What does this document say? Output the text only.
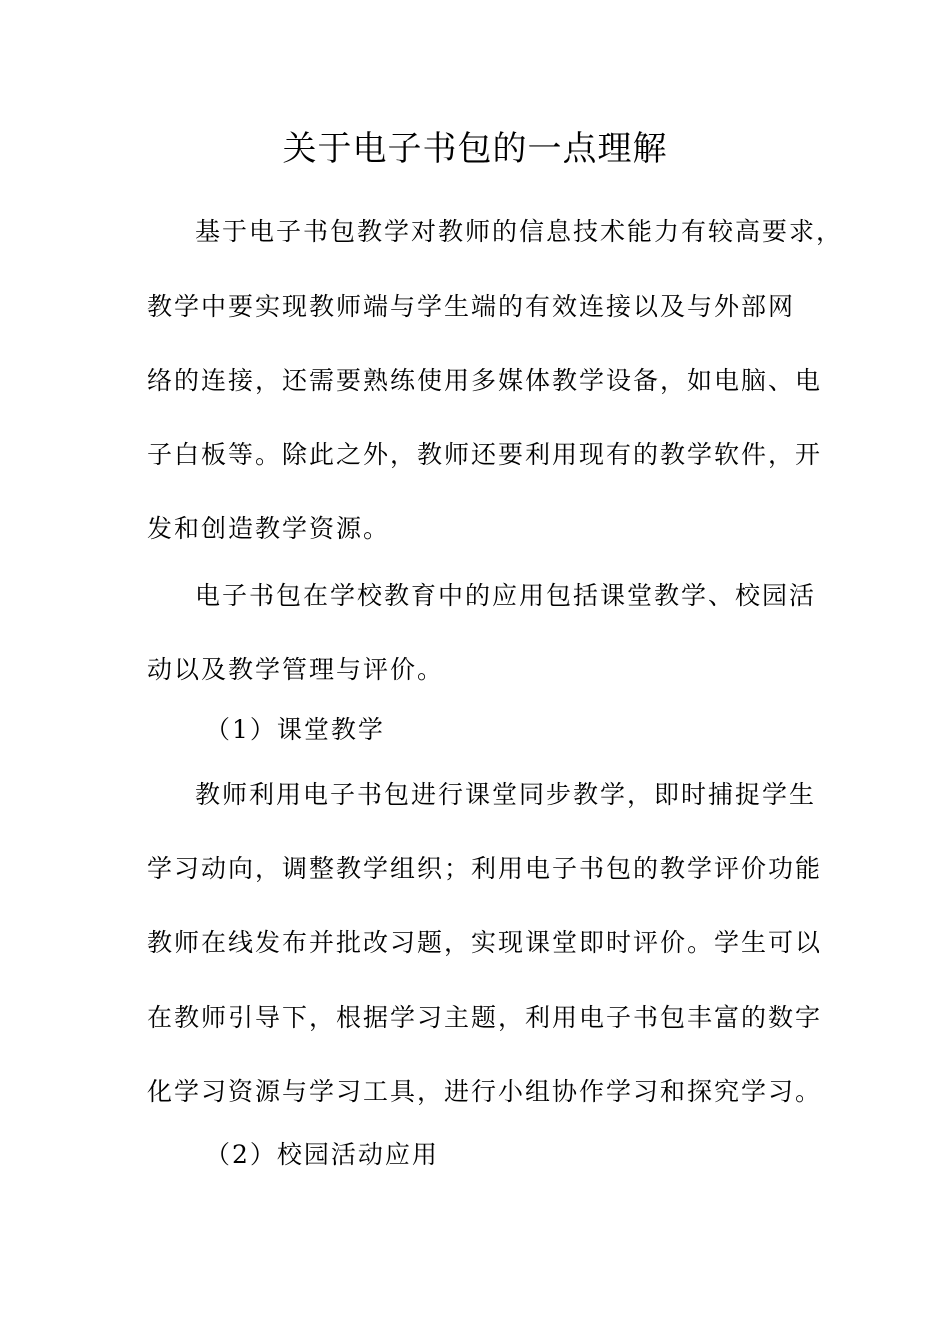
关于电子书包的一点理解
基于电子书包教学对教师的信息技术能力有较高要求，
教学中要实现教师端与学生端的有效连接以及与外部网
络的连接，还需要熟练使用多媒体教学设备，如电脑、电
子白板等。除此之外，教师还要利用现有的教学软件，开
发和创造教学资源。
电子书包在学校教育中的应用包括课堂教学、校园活
动以及教学管理与评价。
（1）课堂教学
教师利用电子书包进行课堂同步教学，即时捕捉学生
学习动向，调整教学组织；利用电子书包的教学评价功能
教师在线发布并批改习题，实现课堂即时评价。学生可以
在教师引导下，根据学习主题，利用电子书包丰富的数字
化学习资源与学习工具，进行小组协作学习和探究学习。
（2）校园活动应用
